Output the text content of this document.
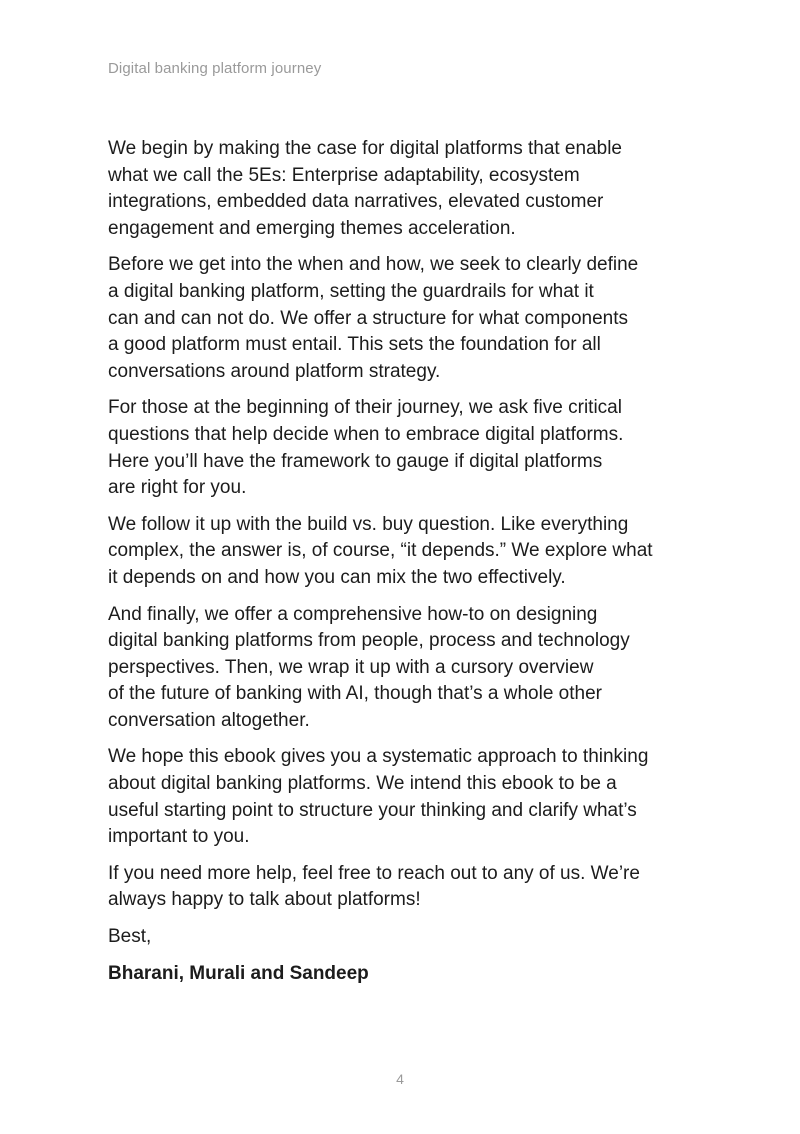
Digital banking platform journey

We begin by making the case for digital platforms that enable
what we call the 5Es: Enterprise adaptability, ecosystem
integrations, embedded data narratives, elevated customer
engagement and emerging themes acceleration.

Before we get into the when and how, we seek to clearly define
a digital banking platform, setting the guardrails for what it
can and can not do. We offer a structure for what components
a good platform must entail. This sets the foundation for all
conversations around platform strategy.

For those at the beginning of their journey, we ask five critical
questions that help decide when to embrace digital platforms.
Here you’ll have the framework to gauge if digital platforms
are right for you.

We follow it up with the build vs. buy question. Like everything
complex, the answer is, of course, “it depends.” We explore what
it depends on and how you can mix the two effectively.

And finally, we offer a comprehensive how-to on designing
digital banking platforms from people, process and technology
perspectives. Then, we wrap it up with a cursory overview
of the future of banking with AI, though that’s a whole other
conversation altogether.

We hope this ebook gives you a systematic approach to thinking
about digital banking platforms. We intend this ebook to be a
useful starting point to structure your thinking and clarify what’s
important to you.

If you need more help, feel free to reach out to any of us. We’re
always happy to talk about platforms!

Best,

Bharani, Murali and Sandeep

4
